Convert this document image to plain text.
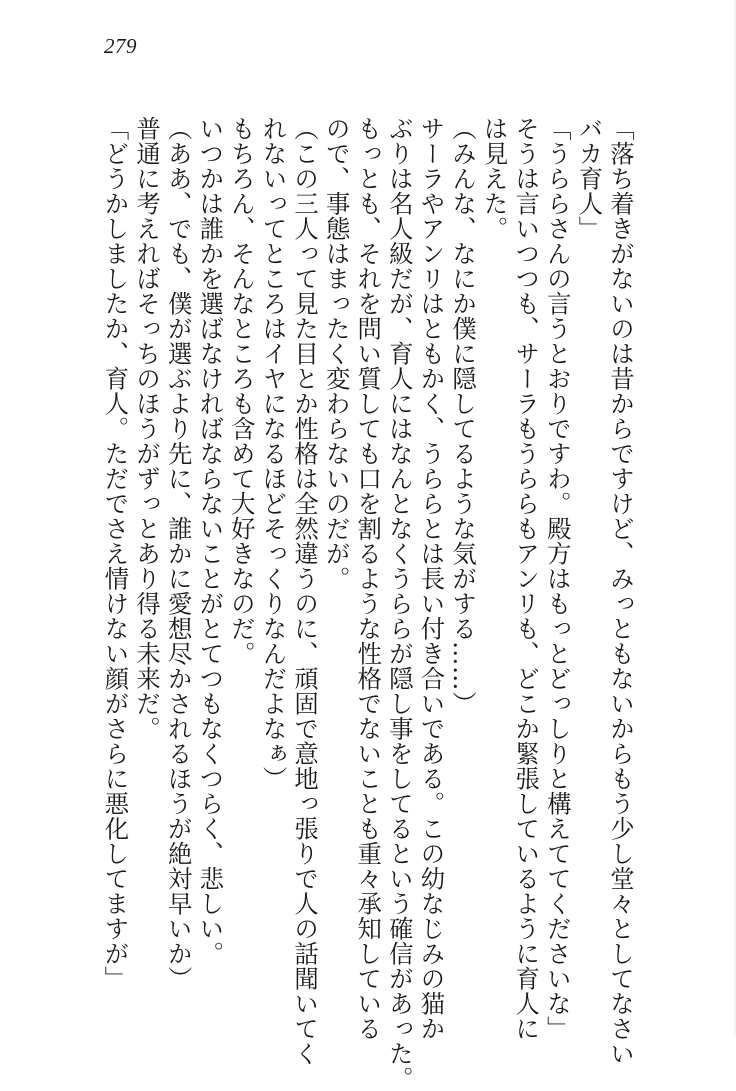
279
「落ち着きがないのは昔からですけど、みっともないからもう少し堂々としてなさい
バカ育人」
「うららさんの言うとおりですわ。殿方はもっとどっしりと構えててくださいな」
そうは言いつつも、サーラもうららもアンリも、どこか緊張しているように育人に
は見えた。
（みんな、なにか僕に隠してるような気がする……）
サーラやアンリはともかく、うららとは長い付き合いである。この幼なじみの猫か
ぶりは名人級だが、育人にはなんとなくうららが隠し事をしてるという確信があった。
もっとも、それを問い質しても口を割るような性格でないことも重々承知している
ので、事態はまったく変わらないのだが。
（この三人って見た目とか性格は全然違うのに、頑固で意地っ張りで人の話聞いてく
れないってところはイヤになるほどそっくりなんだよなぁ）
もちろん、そんなところも含めて大好きなのだ。
いつかは誰かを選ばなければならないことがとてつもなくつらく、悲しい。
（ああ、でも、僕が選ぶより先に、誰かに愛想尽かされるほうが絶対早いか）
普通に考えればそっちのほうがずっとあり得る未来だ。
「どうかしましたか、育人。ただでさえ情けない顔がさらに悪化してますが」
